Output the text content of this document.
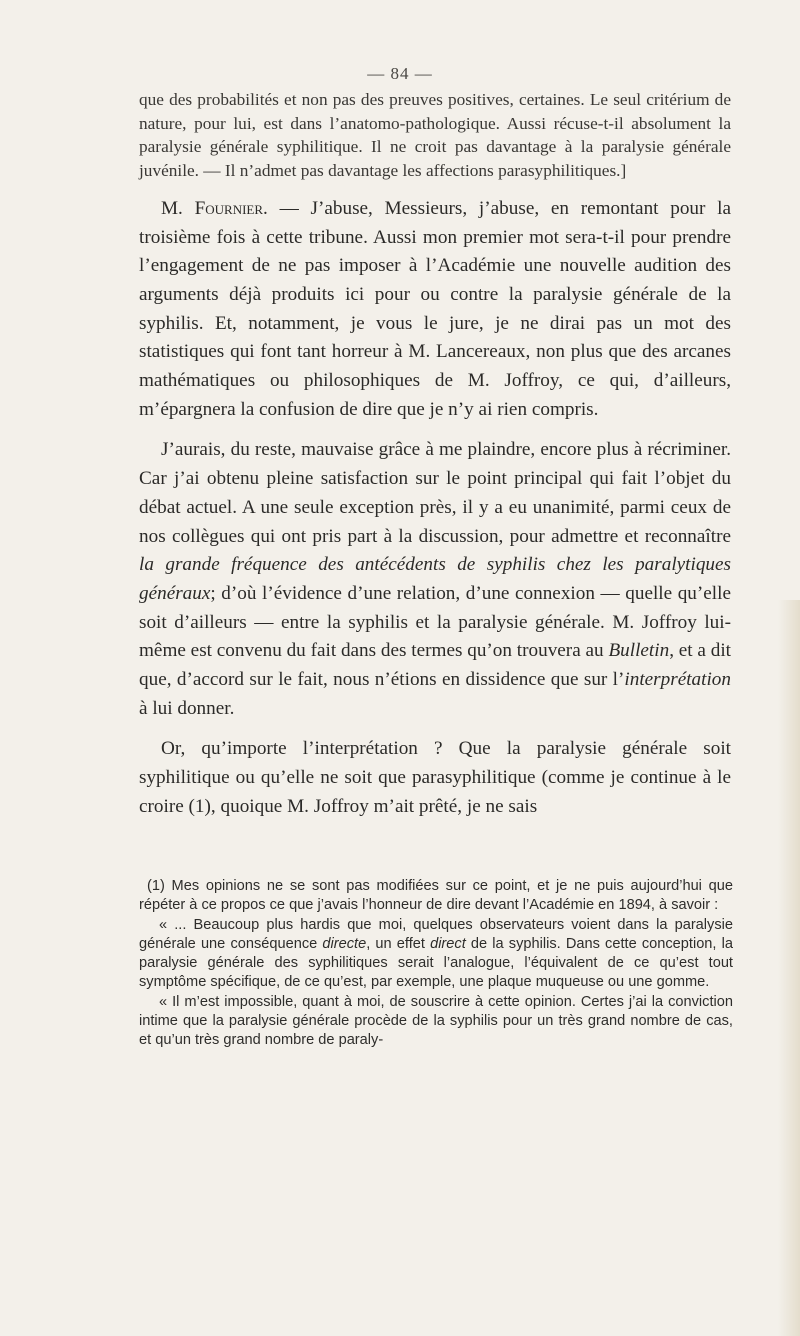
— 84 —

que des probabilités et non pas des preuves positives, certaines. Le seul critérium de nature, pour lui, est dans l’anatomo-pathologique. Aussi récuse-t-il absolument la paralysie générale syphilitique. Il ne croit pas davantage à la paralysie générale juvénile. — Il n’admet pas davantage les affections parasyphilitiques.]

M. Fournier. — J’abuse, Messieurs, j’abuse, en remontant pour la troisième fois à cette tribune. Aussi mon premier mot sera-t-il pour prendre l’engagement de ne pas imposer à l’Académie une nouvelle audition des arguments déjà produits ici pour ou contre la paralysie générale de la syphilis. Et, notamment, je vous le jure, je ne dirai pas un mot des statistiques qui font tant horreur à M. Lancereaux, non plus que des arcanes mathématiques ou philosophiques de M. Joffroy, ce qui, d’ailleurs, m’épargnera la confusion de dire que je n’y ai rien compris.

J’aurais, du reste, mauvaise grâce à me plaindre, encore plus à récriminer. Car j’ai obtenu pleine satisfaction sur le point principal qui fait l’objet du débat actuel. A une seule exception près, il y a eu unanimité, parmi ceux de nos collègues qui ont pris part à la discussion, pour admettre et reconnaître la grande fréquence des antécédents de syphilis chez les paralytiques généraux; d’où l’évidence d’une relation, d’une connexion — quelle qu’elle soit d’ailleurs — entre la syphilis et la paralysie générale. M. Joffroy lui-même est convenu du fait dans des termes qu’on trouvera au Bulletin, et a dit que, d’accord sur le fait, nous n’étions en dissidence que sur l’interprétation à lui donner.

Or, qu’importe l’interprétation ? Que la paralysie générale soit syphilitique ou qu’elle ne soit que parasyphilitique (comme je continue à le croire (1), quoique M. Joffroy m’ait prêté, je ne sais

(1) Mes opinions ne se sont pas modifiées sur ce point, et je ne puis aujourd’hui que répéter à ce propos ce que j’avais l’honneur de dire devant l’Académie en 1894, à savoir :

« ... Beaucoup plus hardis que moi, quelques observateurs voient dans la paralysie générale une conséquence directe, un effet direct de la syphilis. Dans cette conception, la paralysie générale des syphilitiques serait l’analogue, l’équivalent de ce qu’est tout symptôme spécifique, de ce qu’est, par exemple, une plaque muqueuse ou une gomme.

« Il m’est impossible, quant à moi, de souscrire à cette opinion. Certes j’ai la conviction intime que la paralysie générale procède de la syphilis pour un très grand nombre de cas, et qu’un très grand nombre de paraly-
